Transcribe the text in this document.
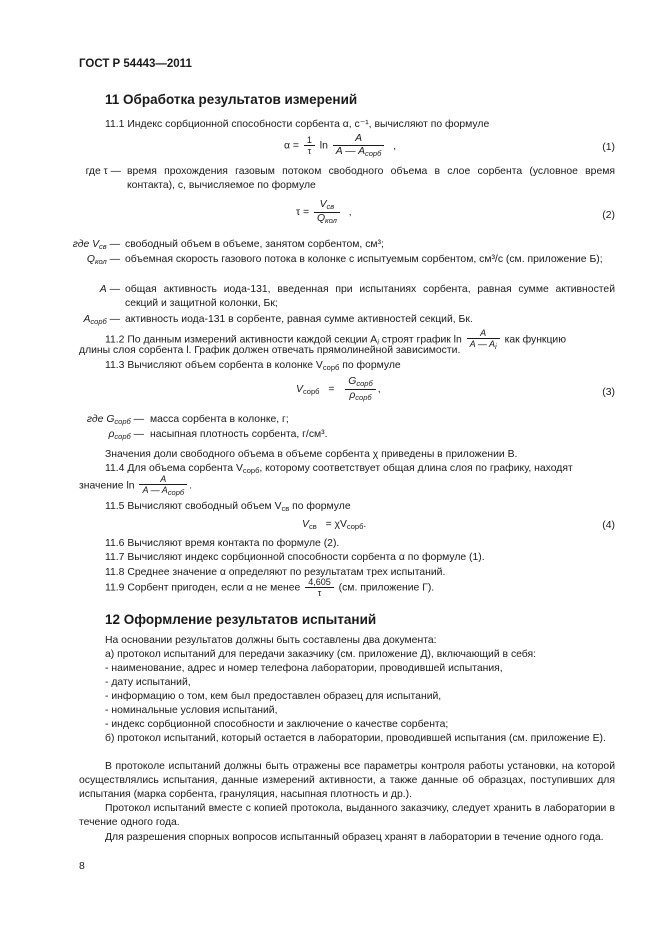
ГОСТ Р 54443—2011
11 Обработка результатов измерений
11.1 Индекс сорбционной способности сорбента α, с⁻¹, вычисляют по формуле
$\alpha = \frac{1}{\tau}$ $\ln \frac{A}{A — A_{сорб}}$ ,	(1)
где τ — время прохождения газовым потоком свободного объема в слое сорбента (условное время контакта), с, вычисляемое по формуле
$\tau = \frac{V_{св}}{Q_{кол}}$ ,	(2)
где $V_{св}$ — свободный объем в объеме, занятом сорбентом, см³;
$Q_{кол}$ — объемная скорость газового потока в колонке с испытуемым сорбентом, см³/с (см. приложение Б);
A — общая активность иода-131, введенная при испытаниях сорбента, равная сумме активностей секций и защитной колонки, Бк;
$A_{сорб}$ — активность иода-131 в сорбенте, равная сумме активностей секций, Бк.
11.2 По данным измерений активности каждой секции $A_i$ строят график $\ln \frac{A}{A — A_i}$ как функцию
длины слоя сорбента l. График должен отвечать прямолинейной зависимости.
11.3 Вычисляют объем сорбента в колонке $V_{сорб}$ по формуле
$V_{сорб} = \frac{G_{сорб}}{\rho_{сорб}}$ ,	(3)
где $G_{сорб}$ — масса сорбента в колонке, г;
$\rho_{сорб}$ — насыпная плотность сорбента, г/см³.
Значения доли свободного объема в объеме сорбента χ приведены в приложении В.
11.4 Для объема сорбента $V_{сорб}$, которому соответствует общая длина слоя по графику, находят
значение $\ln \frac{A}{A — A_{сорб}}$ .
11.5 Вычисляют свободный объем $V_{св}$ по формуле
$V_{св} = \chi V_{сорб}$.	(4)
11.6 Вычисляют время контакта по формуле (2).
11.7 Вычисляют индекс сорбционной способности сорбента α по формуле (1).
11.8 Среднее значение α определяют по результатам трех испытаний.
11.9 Сорбент пригоден, если α не менее $\frac{4,605}{\tau} (см$. приложение Г).
12 Оформление результатов испытаний
На основании результатов должны быть составлены два документа:
а) протокол испытаний для передачи заказчику (см. приложение Д), включающий в себя:
- наименование, адрес и номер телефона лаборатории, проводившей испытания,
- дату испытаний,
- информацию о том, кем был предоставлен образец для испытаний,
- номинальные условия испытаний,
- индекс сорбционной способности и заключение о качестве сорбента;
б) протокол испытаний, который остается в лаборатории, проводившей испытания (см. приложение Е).
В протоколе испытаний должны быть отражены все параметры контроля работы установки, на которой осуществлялись испытания, данные измерений активности, а также данные об образцах, поступивших для испытания (марка сорбента, грануляция, насыпная плотность и др.).
Протокол испытаний вместе с копией протокола, выданного заказчику, следует хранить в лаборатории в течение одного года.
Для разрешения спорных вопросов испытанный образец хранят в лаборатории в течение одного года.
8
